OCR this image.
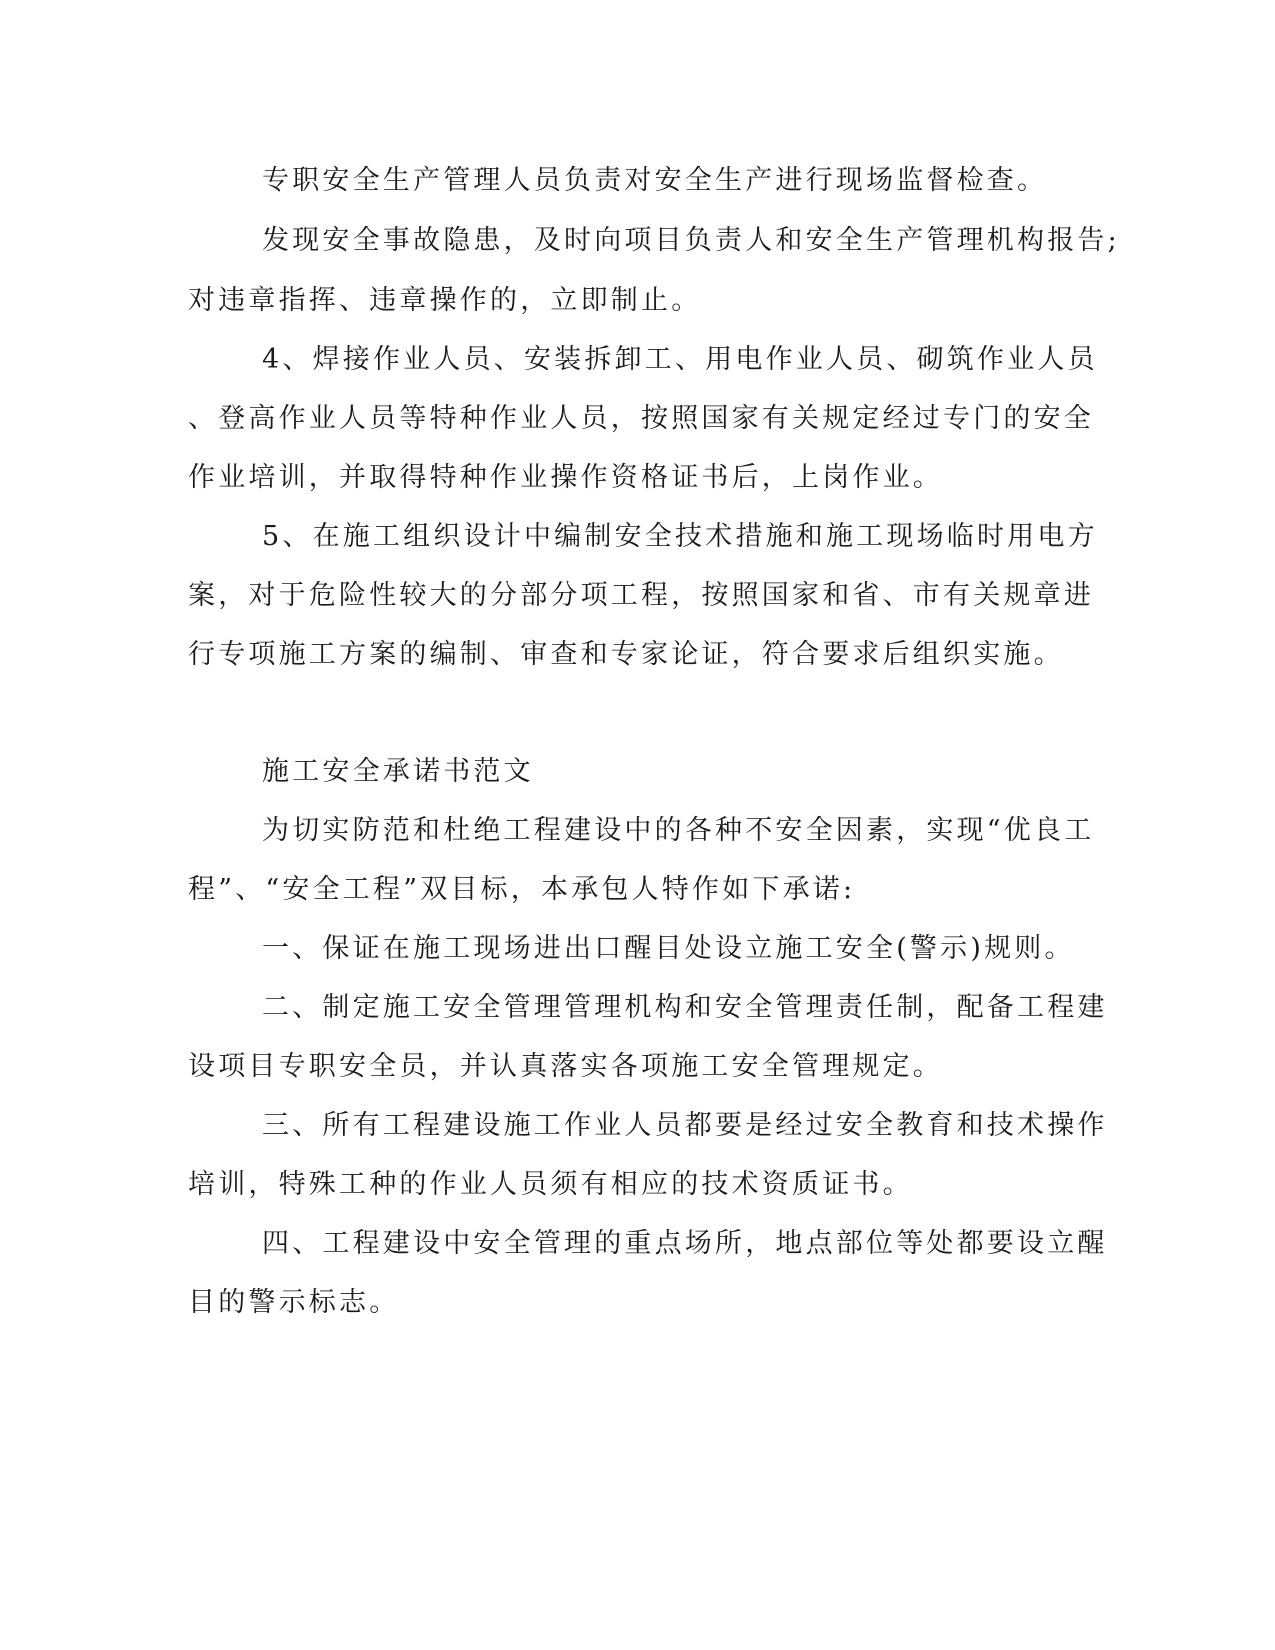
专职安全生产管理人员负责对安全生产进行现场监督检查。
发现安全事故隐患，及时向项目负责人和安全生产管理机构报告;
对违章指挥、违章操作的，立即制止。
4、焊接作业人员、安装拆卸工、用电作业人员、砌筑作业人员
、登高作业人员等特种作业人员，按照国家有关规定经过专门的安全
作业培训，并取得特种作业操作资格证书后，上岗作业。
5、在施工组织设计中编制安全技术措施和施工现场临时用电方
案，对于危险性较大的分部分项工程，按照国家和省、市有关规章进
行专项施工方案的编制、审查和专家论证，符合要求后组织实施。
施工安全承诺书范文
为切实防范和杜绝工程建设中的各种不安全因素，实现“优良工
程”、“安全工程”双目标，本承包人特作如下承诺:
一、保证在施工现场进出口醒目处设立施工安全(警示)规则。
二、制定施工安全管理管理机构和安全管理责任制，配备工程建
设项目专职安全员，并认真落实各项施工安全管理规定。
三、所有工程建设施工作业人员都要是经过安全教育和技术操作
培训，特殊工种的作业人员须有相应的技术资质证书。
四、工程建设中安全管理的重点场所，地点部位等处都要设立醒
目的警示标志。
